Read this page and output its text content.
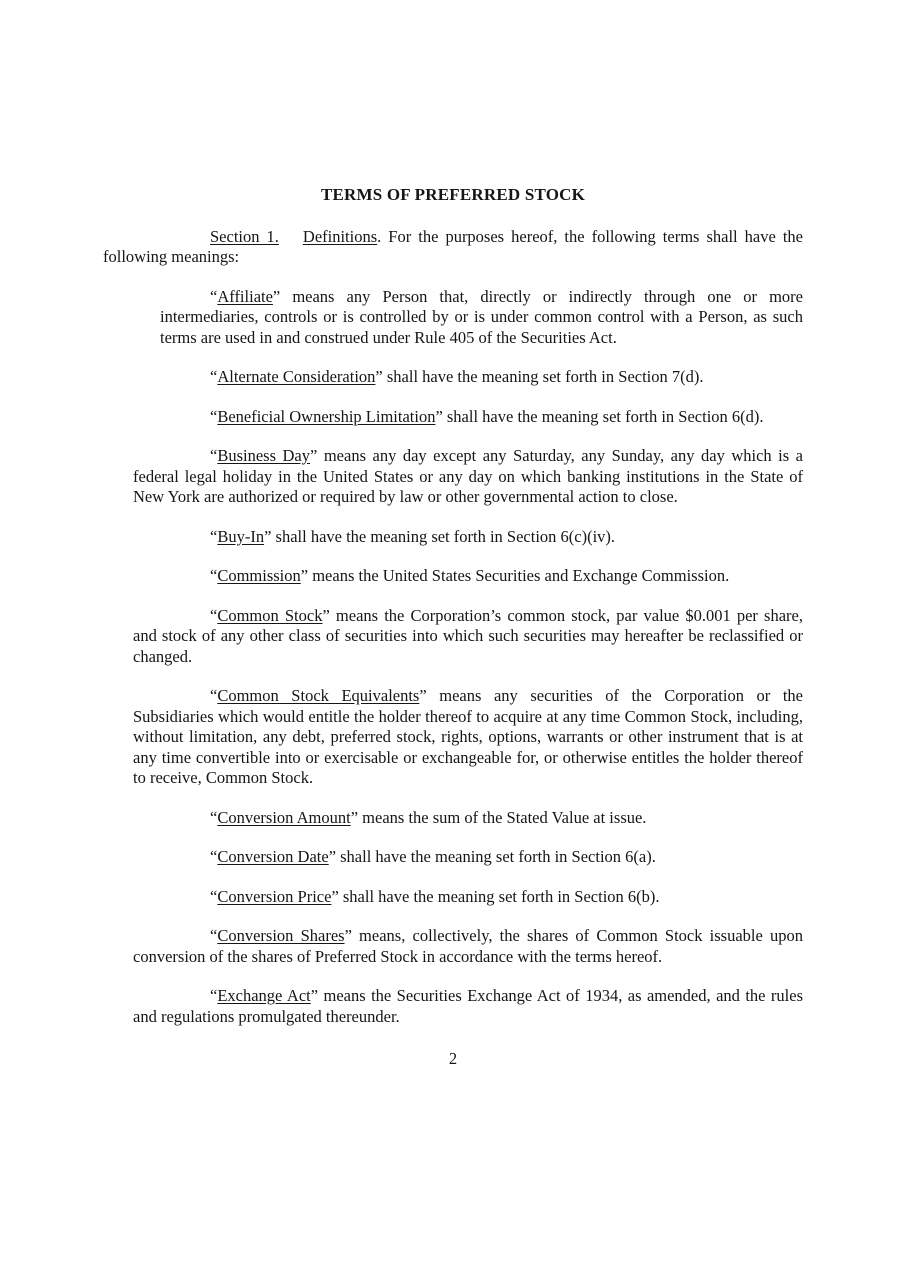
TERMS OF PREFERRED STOCK

Section 1. Definitions. For the purposes hereof, the following terms shall have the following meanings:

“Affiliate” means any Person that, directly or indirectly through one or more intermediaries, controls or is controlled by or is under common control with a Person, as such terms are used in and construed under Rule 405 of the Securities Act.

“Alternate Consideration” shall have the meaning set forth in Section 7(d).

“Beneficial Ownership Limitation” shall have the meaning set forth in Section 6(d).

“Business Day” means any day except any Saturday, any Sunday, any day which is a federal legal holiday in the United States or any day on which banking institutions in the State of New York are authorized or required by law or other governmental action to close.

“Buy-In” shall have the meaning set forth in Section 6(c)(iv).

“Commission” means the United States Securities and Exchange Commission.

“Common Stock” means the Corporation’s common stock, par value $0.001 per share, and stock of any other class of securities into which such securities may hereafter be reclassified or changed.

“Common Stock Equivalents” means any securities of the Corporation or the Subsidiaries which would entitle the holder thereof to acquire at any time Common Stock, including, without limitation, any debt, preferred stock, rights, options, warrants or other instrument that is at any time convertible into or exercisable or exchangeable for, or otherwise entitles the holder thereof to receive, Common Stock.

“Conversion Amount” means the sum of the Stated Value at issue.

“Conversion Date” shall have the meaning set forth in Section 6(a).

“Conversion Price” shall have the meaning set forth in Section 6(b).

“Conversion Shares” means, collectively, the shares of Common Stock issuable upon conversion of the shares of Preferred Stock in accordance with the terms hereof.

“Exchange Act” means the Securities Exchange Act of 1934, as amended, and the rules and regulations promulgated thereunder.

2
